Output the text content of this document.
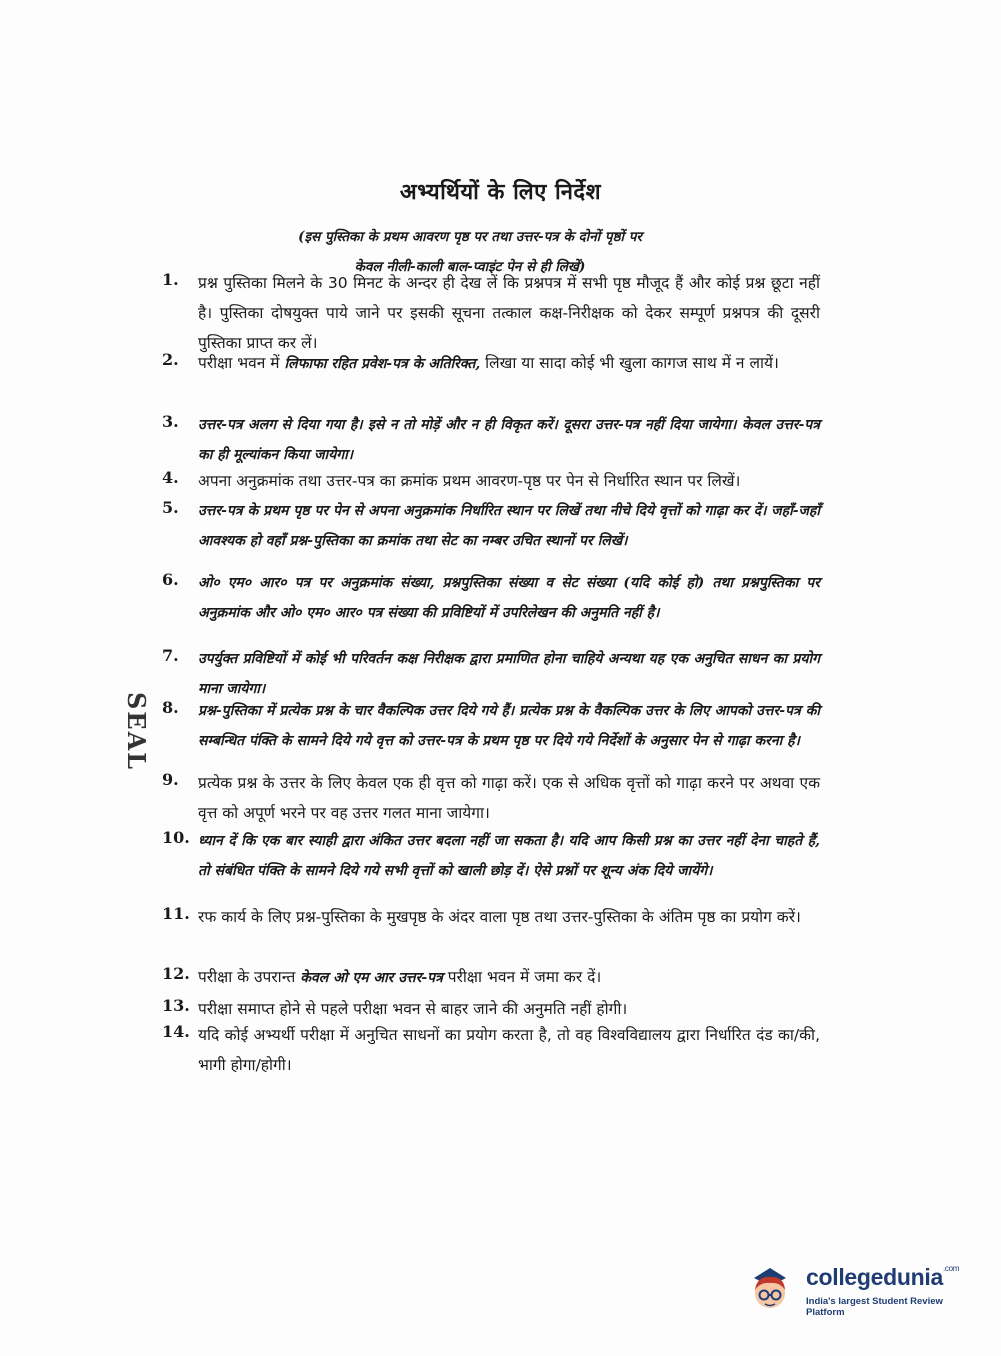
अभ्यर्थियों के लिए निर्देश
(इस पुस्तिका के प्रथम आवरण पृष्ठ पर तथा उत्तर-पत्र के दोनों पृष्ठों पर
केवल नीली-काली बाल-प्वाइंट पेन से ही लिखें)
1.	प्रश्न पुस्तिका मिलने के 30 मिनट के अन्दर ही देख लें कि प्रश्नपत्र में सभी पृष्ठ मौजूद हैं और कोई प्रश्न छूटा नहीं है। पुस्तिका दोषयुक्त पाये जाने पर इसकी सूचना तत्काल कक्ष-निरीक्षक को देकर सम्पूर्ण प्रश्नपत्र की दूसरी पुस्तिका प्राप्त कर लें।
2.	परीक्षा भवन में लिफाफा रहित प्रवेश-पत्र के अतिरिक्त, लिखा या सादा कोई भी खुला कागज साथ में न लायें।
3.	उत्तर-पत्र अलग से दिया गया है। इसे न तो मोड़ें और न ही विकृत करें। दूसरा उत्तर-पत्र नहीं दिया जायेगा। केवल उत्तर-पत्र का ही मूल्यांकन किया जायेगा।
4.	अपना अनुक्रमांक तथा उत्तर-पत्र का क्रमांक प्रथम आवरण-पृष्ठ पर पेन से निर्धारित स्थान पर लिखें।
5.	उत्तर-पत्र के प्रथम पृष्ठ पर पेन से अपना अनुक्रमांक निर्धारित स्थान पर लिखें तथा नीचे दिये वृत्तों को गाढ़ा कर दें। जहाँ-जहाँ आवश्यक हो वहाँ प्रश्न-पुस्तिका का क्रमांक तथा सेट का नम्बर उचित स्थानों पर लिखें।
6.	ओ० एम० आर० पत्र पर अनुक्रमांक संख्या, प्रश्नपुस्तिका संख्या व सेट संख्या (यदि कोई हो) तथा प्रश्नपुस्तिका पर अनुक्रमांक और ओ० एम० आर० पत्र संख्या की प्रविष्टियों में उपरिलेखन की अनुमति नहीं है।
7.	उपर्युक्त प्रविष्टियों में कोई भी परिवर्तन कक्ष निरीक्षक द्वारा प्रमाणित होना चाहिये अन्यथा यह एक अनुचित साधन का प्रयोग माना जायेगा।
8.	प्रश्न-पुस्तिका में प्रत्येक प्रश्न के चार वैकल्पिक उत्तर दिये गये हैं। प्रत्येक प्रश्न के वैकल्पिक उत्तर के लिए आपको उत्तर-पत्र की सम्बन्धित पंक्ति के सामने दिये गये वृत्त को उत्तर-पत्र के प्रथम पृष्ठ पर दिये गये निर्देशों के अनुसार पेन से गाढ़ा करना है।
9.	प्रत्येक प्रश्न के उत्तर के लिए केवल एक ही वृत्त को गाढ़ा करें। एक से अधिक वृत्तों को गाढ़ा करने पर अथवा एक वृत्त को अपूर्ण भरने पर वह उत्तर गलत माना जायेगा।
10. ध्यान दें कि एक बार स्याही द्वारा अंकित उत्तर बदला नहीं जा सकता है। यदि आप किसी प्रश्न का उत्तर नहीं देना चाहते हैं, तो संबंधित पंक्ति के सामने दिये गये सभी वृत्तों को खाली छोड़ दें। ऐसे प्रश्नों पर शून्य अंक दिये जायेंगे।
11. रफ कार्य के लिए प्रश्न-पुस्तिका के मुखपृष्ठ के अंदर वाला पृष्ठ तथा उत्तर-पुस्तिका के अंतिम पृष्ठ का प्रयोग करें।
12. परीक्षा के उपरान्त केवल ओ एम आर उत्तर-पत्र परीक्षा भवन में जमा कर दें।
13. परीक्षा समाप्त होने से पहले परीक्षा भवन से बाहर जाने की अनुमति नहीं होगी।
14. यदि कोई अभ्यर्थी परीक्षा में अनुचित साधनों का प्रयोग करता है, तो वह विश्वविद्यालय द्वारा निर्धारित दंड का/की, भागी होगा/होगी।
SEAL
collegedunia$^{.com}$
India's largest Student Review Platform
